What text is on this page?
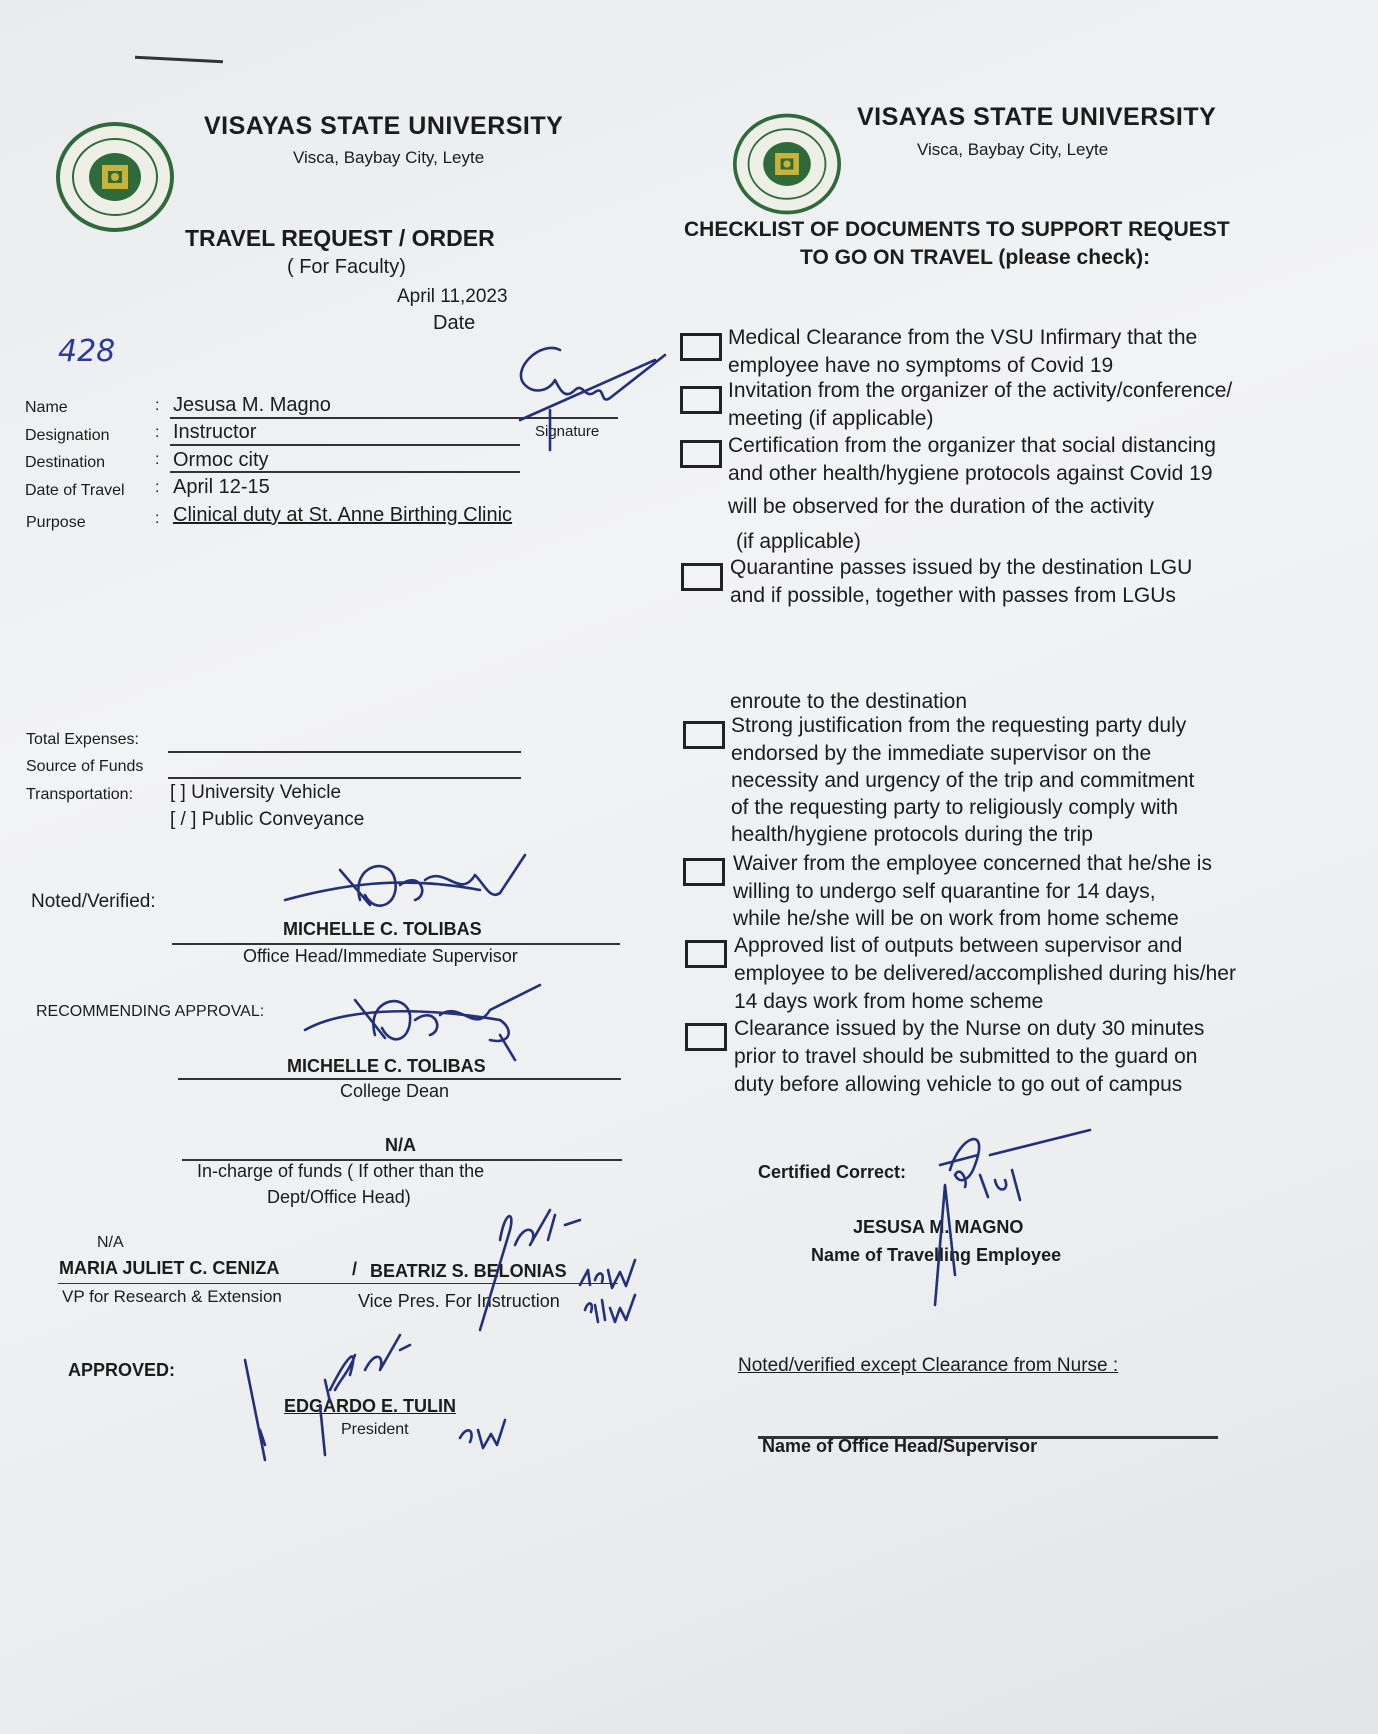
VISAYAS STATE UNIVERSITY
Visca, Baybay City, Leyte
TRAVEL REQUEST / ORDER
( For Faculty)
April 11,2023
Date
428
Name	: Jesusa M. Magno
Signature
Designation	: Instructor
Destination	: Ormoc city
Date of Travel : April 12-15
Purpose	: Clinical duty at St. Anne Birthing Clinic
Total Expenses:
Source of Funds
Transportation: [ ] University Vehicle
[ / ] Public Conveyance
Noted/Verified:
MICHELLE C. TOLIBAS
Office Head/Immediate Supervisor
RECOMMENDING APPROVAL:
MICHELLE C. TOLIBAS
College Dean
N/A
In-charge of funds ( If other than the
Dept/Office Head)
N/A
MARIA JULIET C. CENIZA	/ BEATRIZ S. BELONIAS
VP for Research & Extension	Vice Pres. For Instruction
APPROVED:
EDGARDO E. TULIN
President
VISAYAS STATE UNIVERSITY
Visca, Baybay City, Leyte
CHECKLIST OF DOCUMENTS TO SUPPORT REQUEST
TO GO ON TRAVEL (please check):
Medical Clearance from the VSU Infirmary that the
employee have no symptoms of Covid 19
Invitation from the organizer of the activity/conference/
meeting (if applicable)
Certification from the organizer that social distancing
and other health/hygiene protocols against Covid 19
will be observed for the duration of the activity
(if applicable)
Quarantine passes issued by the destination LGU
and if possible, together with passes from LGUs
enroute to the destination
Strong justification from the requesting party duly
endorsed by the immediate supervisor on the
necessity and urgency of the trip and commitment
of the requesting party to religiously comply with
health/hygiene protocols during the trip
Waiver from the employee concerned that he/she is
willing to undergo self quarantine for 14 days,
while he/she will be on work from home scheme
Approved list of outputs between supervisor and
employee to be delivered/accomplished during his/her
14 days work from home scheme
Clearance issued by the Nurse on duty 30 minutes
prior to travel should be submitted to the guard on
duty before allowing vehicle to go out of campus
Certified Correct:
JESUSA M. MAGNO
Name of Travelling Employee
Noted/verified except Clearance from Nurse :
Name of Office Head/Supervisor
